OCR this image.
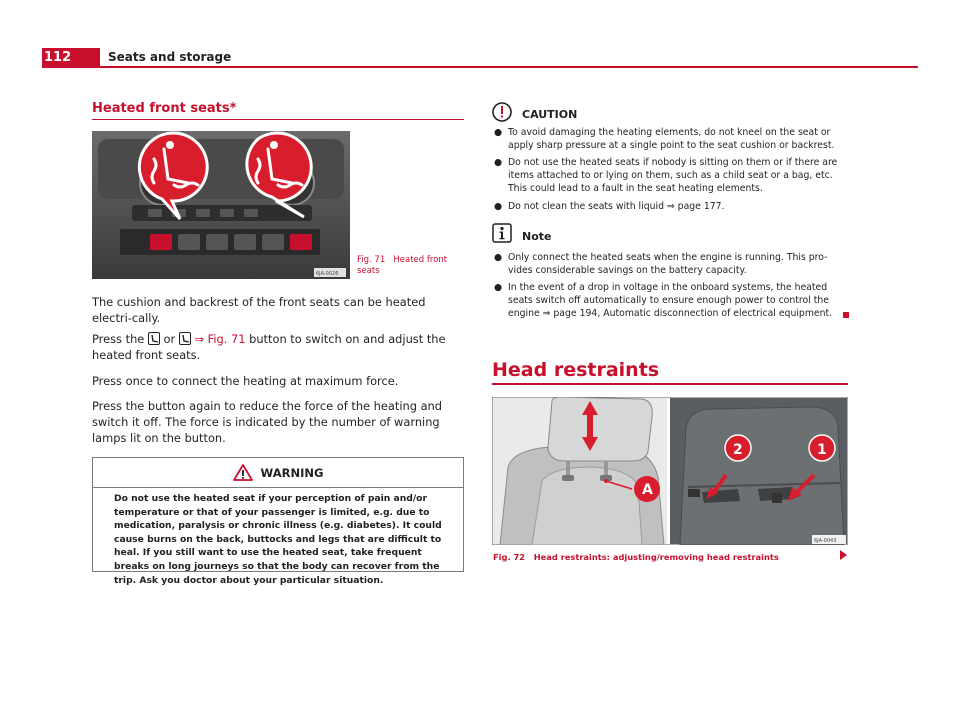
112	Seats and storage
Heated front seats*
6JA-0026
Fig. 71 Heated front seats

The cushion and backrest of the front seats can be heated electri-cally.

Press the or ⇒ Fig. 71 button to switch on and adjust the heated front seats.

Press once to connect the heating at maximum force.

Press the button again to reduce the force of the heating and switch it off. The force is indicated by the number of warning lamps lit on the button.

WARNING
Do not use the heated seat if your perception of pain and/or temperature or that of your passenger is limited, e.g. due to medication, paralysis or chronic illness (e.g. diabetes). It could cause burns on the back, buttocks and legs that are difficult to heal. If you still want to use the heated seat, take frequent breaks on long journeys so that the body can recover from the trip. Ask you doctor about your particular situation.
CAUTION
● To avoid damaging the heating elements, do not kneel on the seat or apply sharp pressure at a single point to the seat cushion or backrest.
● Do not use the heated seats if nobody is sitting on them or if there are items attached to or lying on them, such as a child seat or a bag, etc. This could lead to a fault in the seat heating elements.
● Do not clean the seats with liquid ⇒ page 177.
Note
● Only connect the heated seats when the engine is running. This pro-vides considerable savings on the battery capacity.
● In the event of a drop in voltage in the onboard systems, the heated seats switch off automatically to ensure enough power to control the engine ⇒ page 194, Automatic disconnection of electrical equipment.
Head restraints
A
2	1
6JA-0043
Fig. 72 Head restraints: adjusting/removing head restraints
